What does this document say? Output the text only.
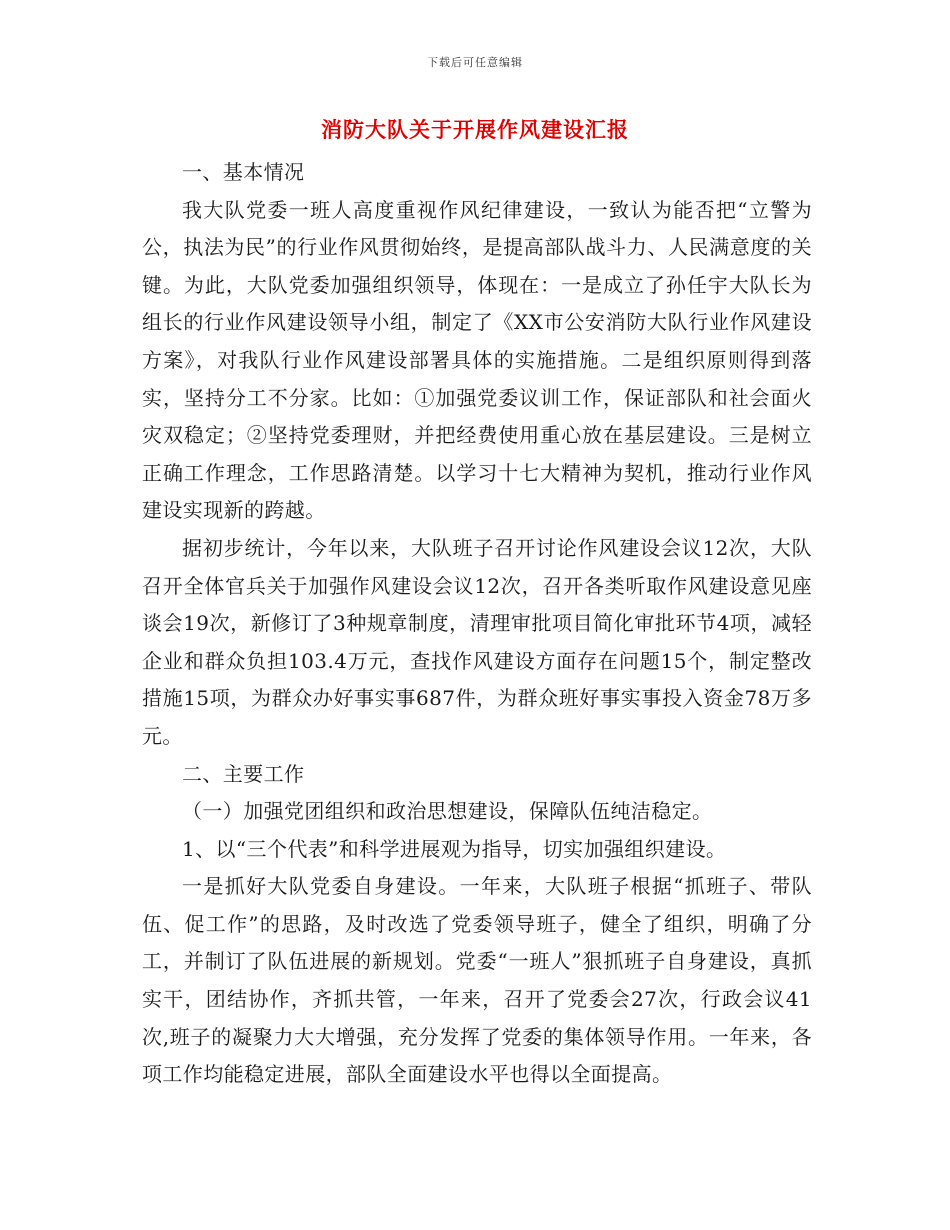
下载后可任意编辑
消防大队关于开展作风建设汇报

一、基本情况

我大队党委一班人高度重视作风纪律建设，一致认为能否把“立警为公，执法为民”的行业作风贯彻始终，是提高部队战斗力、人民满意度的关键。为此，大队党委加强组织领导，体现在：一是成立了孙任宇大队长为组长的行业作风建设领导小组，制定了《XX市公安消防大队行业作风建设方案》，对我队行业作风建设部署具体的实施措施。二是组织原则得到落实，坚持分工不分家。比如：①加强党委议训工作，保证部队和社会面火灾双稳定；②坚持党委理财，并把经费使用重心放在基层建设。三是树立正确工作理念，工作思路清楚。以学习十七大精神为契机，推动行业作风建设实现新的跨越。

据初步统计，今年以来，大队班子召开讨论作风建设会议12次，大队召开全体官兵关于加强作风建设会议12次，召开各类听取作风建设意见座谈会19次，新修订了3种规章制度，清理审批项目简化审批环节4项，减轻企业和群众负担103.4万元，查找作风建设方面存在问题15个，制定整改措施15项，为群众办好事实事687件，为群众班好事实事投入资金78万多元。

二、主要工作

（一）加强党团组织和政治思想建设，保障队伍纯洁稳定。

1、以“三个代表”和科学进展观为指导，切实加强组织建设。

一是抓好大队党委自身建设。一年来，大队班子根据“抓班子、带队伍、促工作”的思路，及时改选了党委领导班子，健全了组织，明确了分工，并制订了队伍进展的新规划。党委“一班人”狠抓班子自身建设，真抓实干，团结协作，齐抓共管，一年来，召开了党委会27次，行政会议41次,班子的凝聚力大大增强，充分发挥了党委的集体领导作用。一年来，各项工作均能稳定进展，部队全面建设水平也得以全面提高。
